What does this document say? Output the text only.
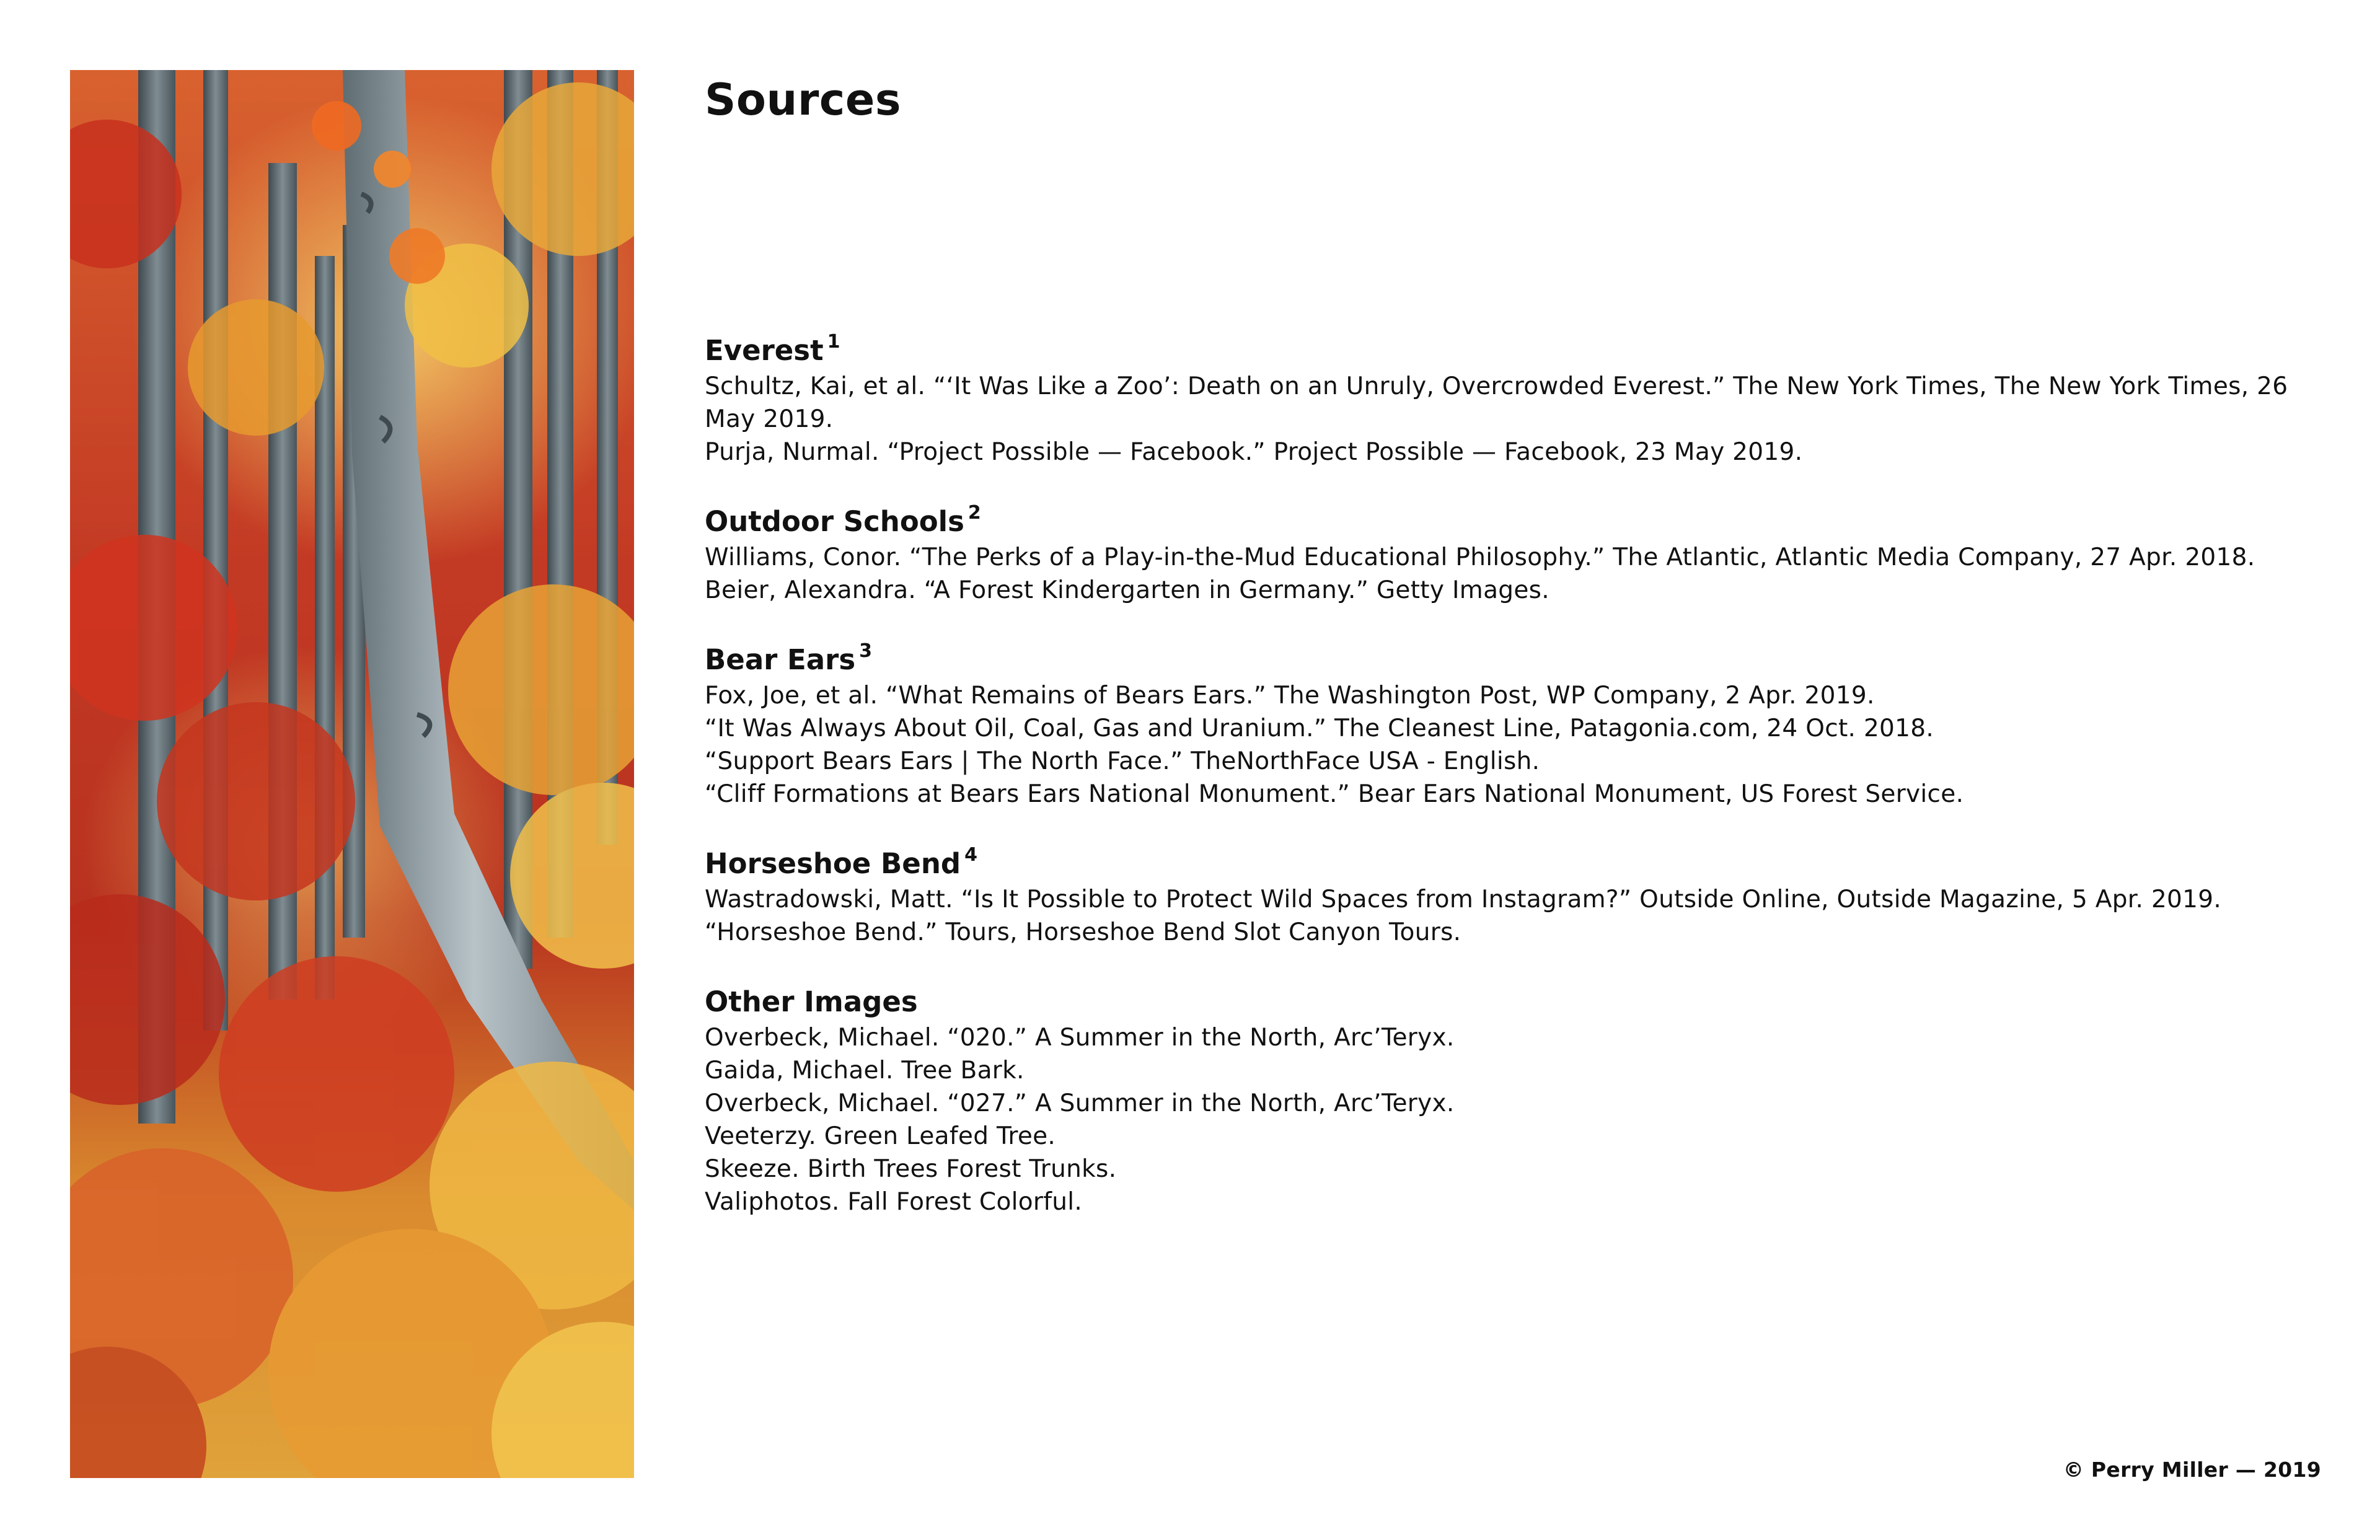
Sources
Everest $^1$
Schultz, Kai, et al. “‘It Was Like a Zoo’: Death on an Unruly, Overcrowded Everest.” The New York Times, The New York Times, 26 May 2019.
Purja, Nurmal. “Project Possible — Facebook.” Project Possible — Facebook, 23 May 2019.
Outdoor Schools $^2$
Williams, Conor. “The Perks of a Play-in-the-Mud Educational Philosophy.” The Atlantic, Atlantic Media Company, 27 Apr. 2018.
Beier, Alexandra. “A Forest Kindergarten in Germany.” Getty Images.
Bear Ears $^3$
Fox, Joe, et al. “What Remains of Bears Ears.” The Washington Post, WP Company, 2 Apr. 2019.
“It Was Always About Oil, Coal, Gas and Uranium.” The Cleanest Line, Patagonia.com, 24 Oct. 2018.
“Support Bears Ears | The North Face.” TheNorthFace USA - English.
“Cliff Formations at Bears Ears National Monument.” Bear Ears National Monument, US Forest Service.
Horseshoe Bend $^4$
Wastradowski, Matt. “Is It Possible to Protect Wild Spaces from Instagram?” Outside Online, Outside Magazine, 5 Apr. 2019.
“Horseshoe Bend.” Tours, Horseshoe Bend Slot Canyon Tours.
Other Images
Overbeck, Michael. “020.” A Summer in the North, Arc’Teryx.
Gaida, Michael. Tree Bark.
Overbeck, Michael. “027.” A Summer in the North, Arc’Teryx.
Veeterzy. Green Leafed Tree.
Skeeze. Birth Trees Forest Trunks.
Valiphotos. Fall Forest Colorful.
© Perry Miller — 2019
